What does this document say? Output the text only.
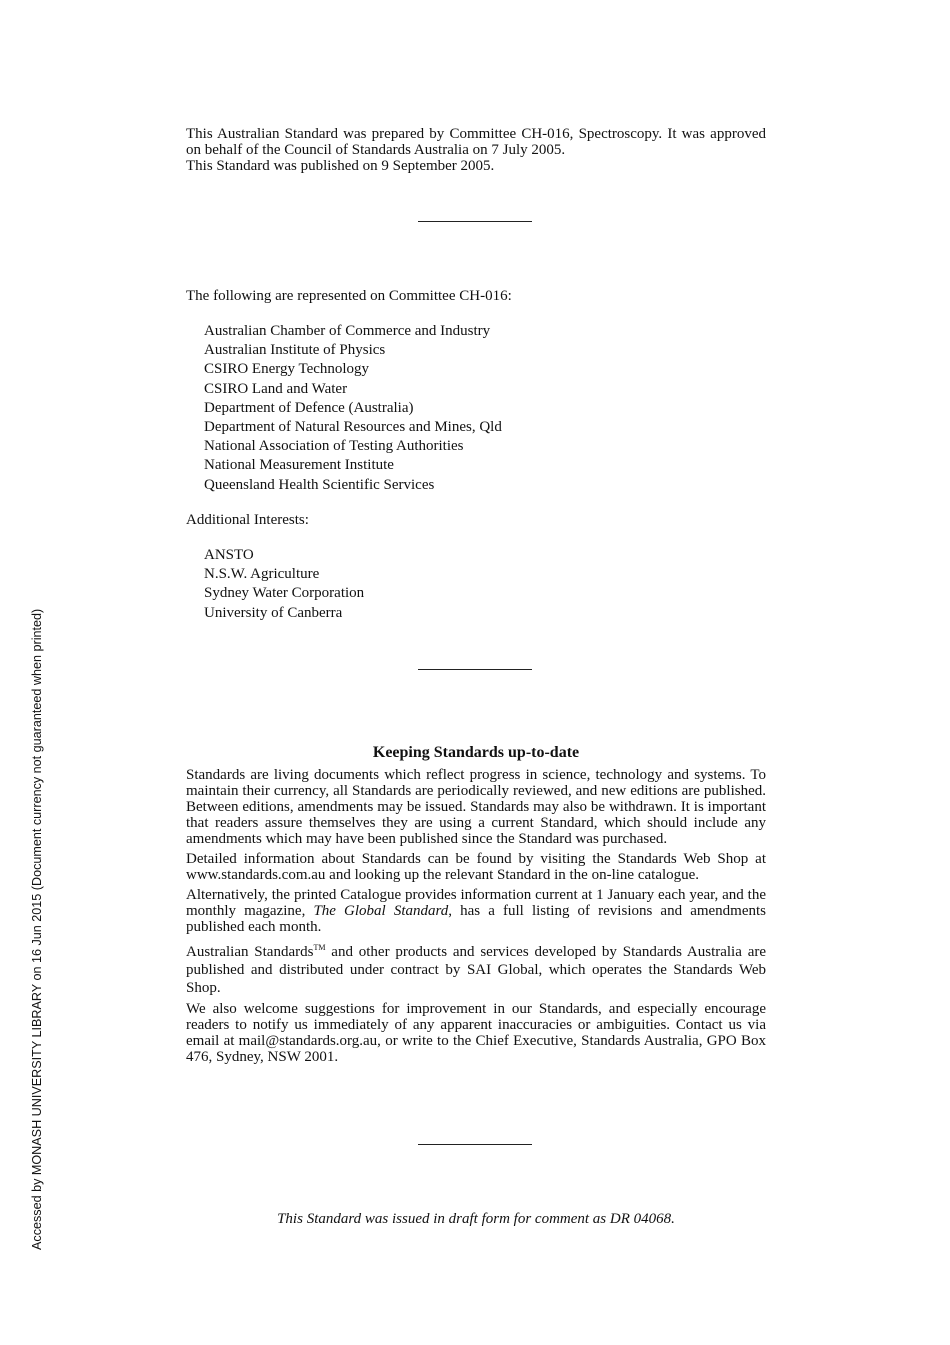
This Australian Standard was prepared by Committee CH-016, Spectroscopy. It was approved on behalf of the Council of Standards Australia on 7 July 2005.

This Standard was published on 9 September 2005.

The following are represented on Committee CH-016:
Australian Chamber of Commerce and Industry
Australian Institute of Physics
CSIRO Energy Technology
CSIRO Land and Water
Department of Defence (Australia)
Department of Natural Resources and Mines, Qld
National Association of Testing Authorities
National Measurement Institute
Queensland Health Scientific Services
Additional Interests:
ANSTO
N.S.W. Agriculture
Sydney Water Corporation
University of Canberra
Keeping Standards up-to-date

Standards are living documents which reflect progress in science, technology and systems. To maintain their currency, all Standards are periodically reviewed, and new editions are published. Between editions, amendments may be issued. Standards may also be withdrawn. It is important that readers assure themselves they are using a current Standard, which should include any amendments which may have been published since the Standard was purchased.

Detailed information about Standards can be found by visiting the Standards Web Shop at www.standards.com.au and looking up the relevant Standard in the on-line catalogue.

Alternatively, the printed Catalogue provides information current at 1 January each year, and the monthly magazine, The Global Standard, has a full listing of revisions and amendments published each month.

Australian Standards™ and other products and services developed by Standards Australia are published and distributed under contract by SAI Global, which operates the Standards Web Shop.

We also welcome suggestions for improvement in our Standards, and especially encourage readers to notify us immediately of any apparent inaccuracies or ambiguities. Contact us via email at mail@standards.org.au, or write to the Chief Executive, Standards Australia, GPO Box 476, Sydney, NSW 2001.

This Standard was issued in draft form for comment as DR 04068.
Accessed by MONASH UNIVERSITY LIBRARY on 16 Jun 2015 (Document currency not guaranteed when printed)
